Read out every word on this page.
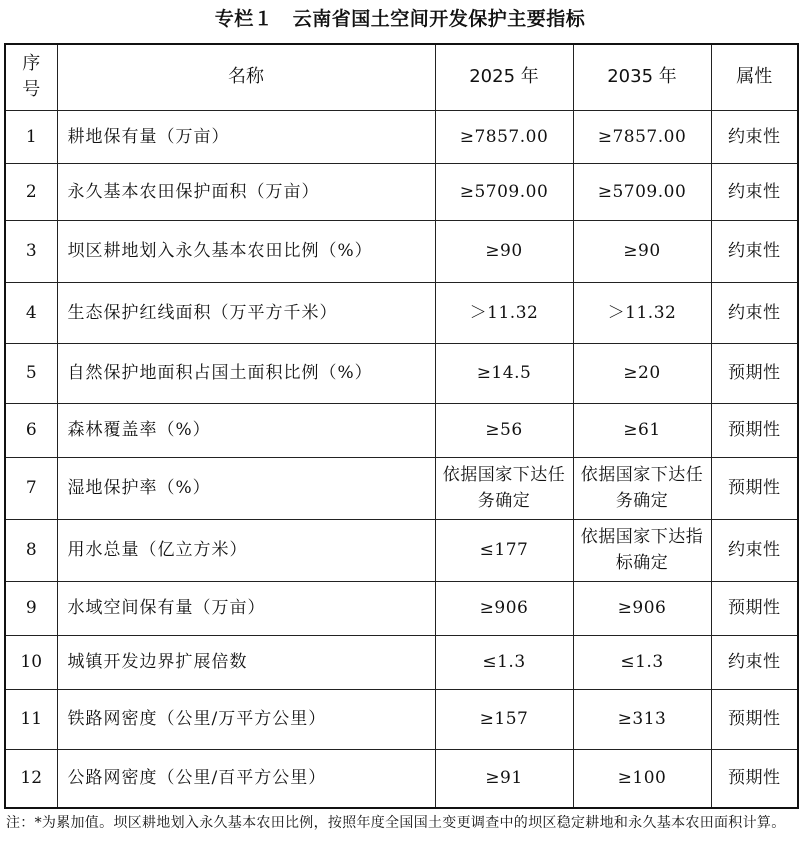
专栏１　云南省国土空间开发保护主要指标
序号	名称	2025 年	2035 年	属性
1	耕地保有量（万亩）	≥7857.00	≥7857.00	约束性
2	永久基本农田保护面积（万亩）	≥5709.00	≥5709.00	约束性
3	坝区耕地划入永久基本农田比例（%）	≥90	≥90	约束性
4	生态保护红线面积（万平方千米）	＞11.32	＞11.32	约束性
5	自然保护地面积占国土面积比例（%）	≥14.5	≥20	预期性
6	森林覆盖率（%）	≥56	≥61	预期性
7	湿地保护率（%）	依据国家下达任务确定	依据国家下达任务确定	预期性
8	用水总量（亿立方米）	≤177	依据国家下达指标确定	约束性
9	水域空间保有量（万亩）	≥906	≥906	预期性
10	城镇开发边界扩展倍数	≤1.3	≤1.3	约束性
11	铁路网密度（公里/万平方公里）	≥157	≥313	预期性
12	公路网密度（公里/百平方公里）	≥91	≥100	预期性
注：*为累加值。坝区耕地划入永久基本农田比例，按照年度全国国土变更调查中的坝区稳定耕地和永久基本农田面积计算。
